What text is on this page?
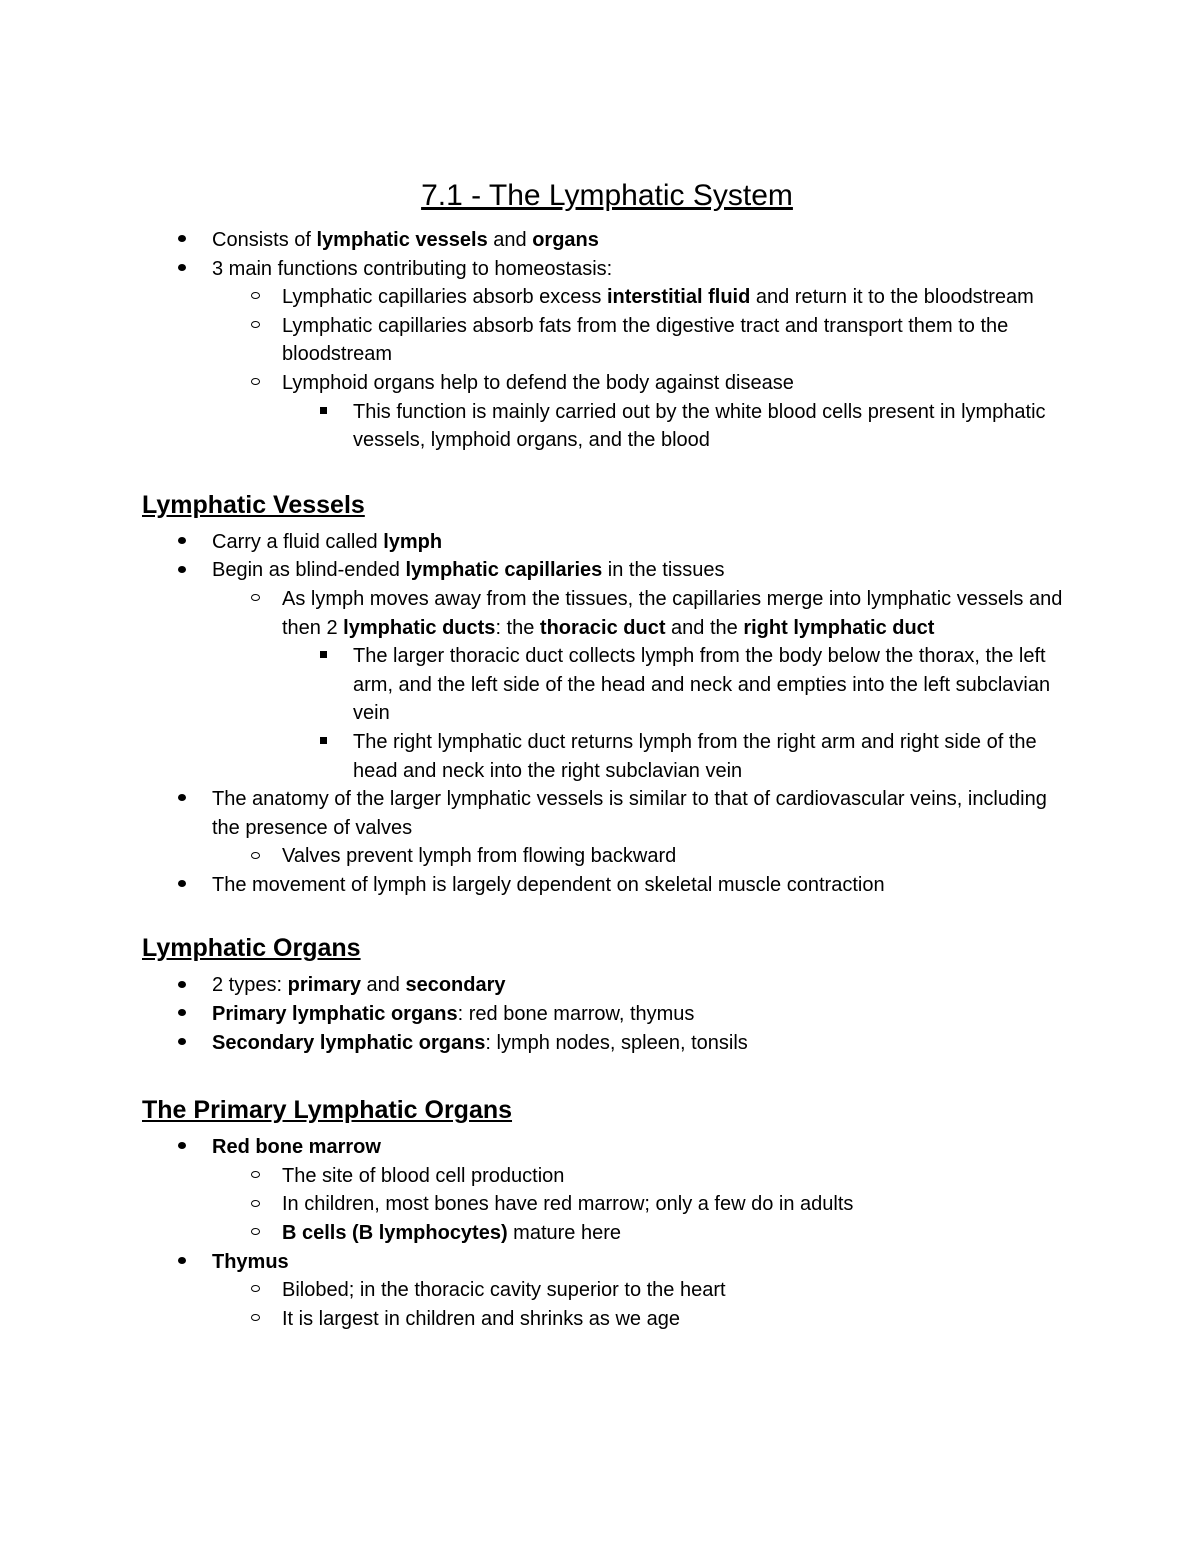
7.1 - The Lymphatic System
Consists of lymphatic vessels and organs
3 main functions contributing to homeostasis:
Lymphatic capillaries absorb excess interstitial fluid and return it to the bloodstream
Lymphatic capillaries absorb fats from the digestive tract and transport them to the bloodstream
Lymphoid organs help to defend the body against disease
This function is mainly carried out by the white blood cells present in lymphatic vessels, lymphoid organs, and the blood
Lymphatic Vessels
Carry a fluid called lymph
Begin as blind-ended lymphatic capillaries in the tissues
As lymph moves away from the tissues, the capillaries merge into lymphatic vessels and then 2 lymphatic ducts: the thoracic duct and the right lymphatic duct
The larger thoracic duct collects lymph from the body below the thorax, the left arm, and the left side of the head and neck and empties into the left subclavian vein
The right lymphatic duct returns lymph from the right arm and right side of the head and neck into the right subclavian vein
The anatomy of the larger lymphatic vessels is similar to that of cardiovascular veins, including the presence of valves
Valves prevent lymph from flowing backward
The movement of lymph is largely dependent on skeletal muscle contraction
Lymphatic Organs
2 types: primary and secondary
Primary lymphatic organs: red bone marrow, thymus
Secondary lymphatic organs: lymph nodes, spleen, tonsils
The Primary Lymphatic Organs
Red bone marrow
The site of blood cell production
In children, most bones have red marrow; only a few do in adults
B cells (B lymphocytes) mature here
Thymus
Bilobed; in the thoracic cavity superior to the heart
It is largest in children and shrinks as we age
